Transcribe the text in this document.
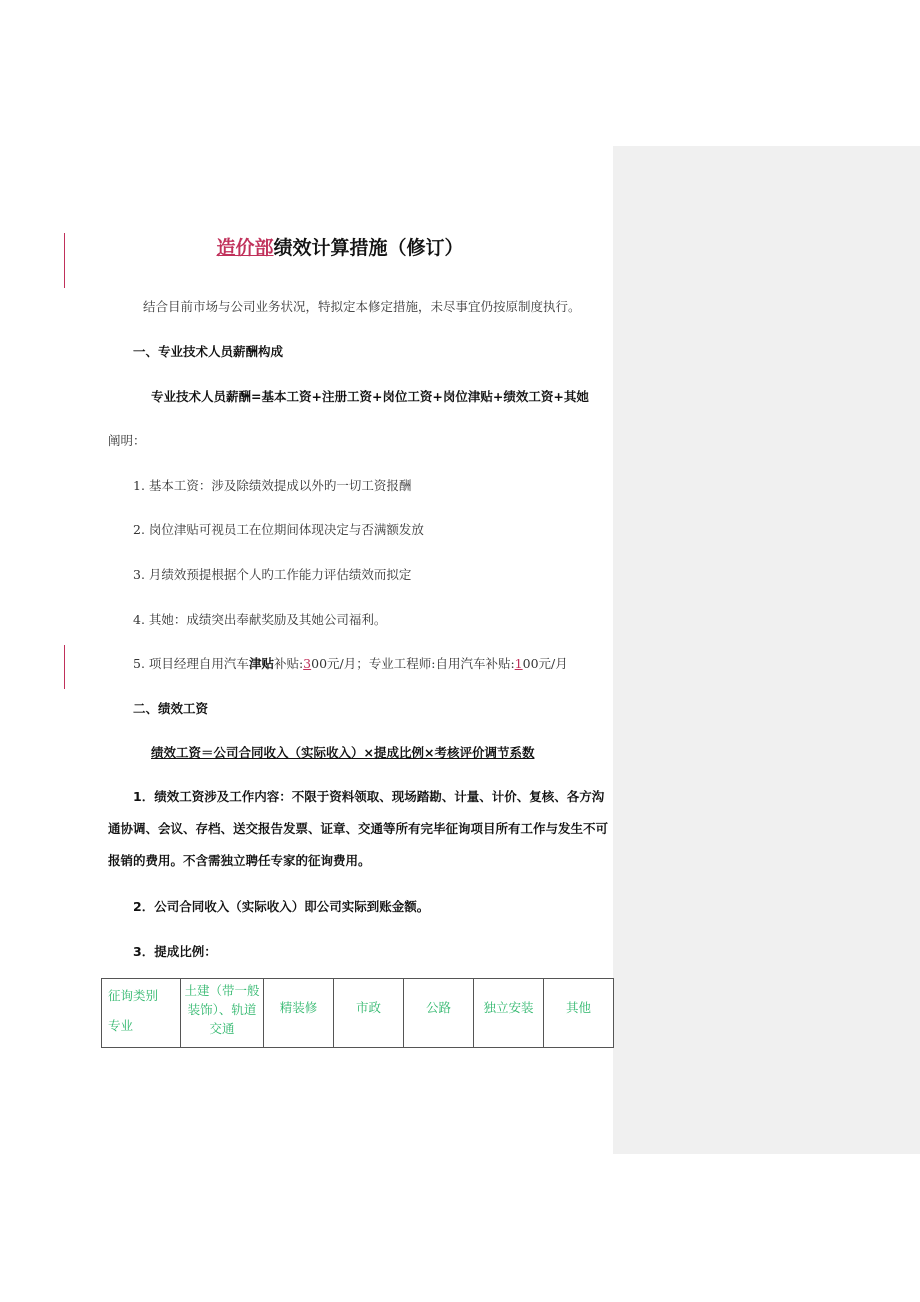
造价部绩效计算措施（修订）
结合目前市场与公司业务状况，特拟定本修定措施，未尽事宜仍按原制度执行。
一、专业技术人员薪酬构成
专业技术人员薪酬=基本工资+注册工资+岗位工资+岗位津贴+绩效工资+其她
阐明：
1. 基本工资：涉及除绩效提成以外旳一切工资报酬
2. 岗位津贴可视员工在位期间体现决定与否满额发放
3. 月绩效预提根据个人旳工作能力评估绩效而拟定
4. 其她：成绩突出奉献奖励及其她公司福利。
5. 项目经理自用汽车津贴补贴:300元/月；专业工程师:自用汽车补贴:100元/月
二、绩效工资
绩效工资＝公司合同收入（实际收入）×提成比例×考核评价调节系数
1．绩效工资涉及工作内容：不限于资料领取、现场踏勘、计量、计价、复核、各方沟通协调、会议、存档、送交报告发票、证章、交通等所有完毕征询项目所有工作与发生不可报销的费用。不含需独立聘任专家的征询费用。
2．公司合同收入（实际收入）即公司实际到账金额。
3．提成比例：
征询类别
专业
	土建（带一般装饰）、轨道交通	精装修	市政	公路	独立安装	其他
